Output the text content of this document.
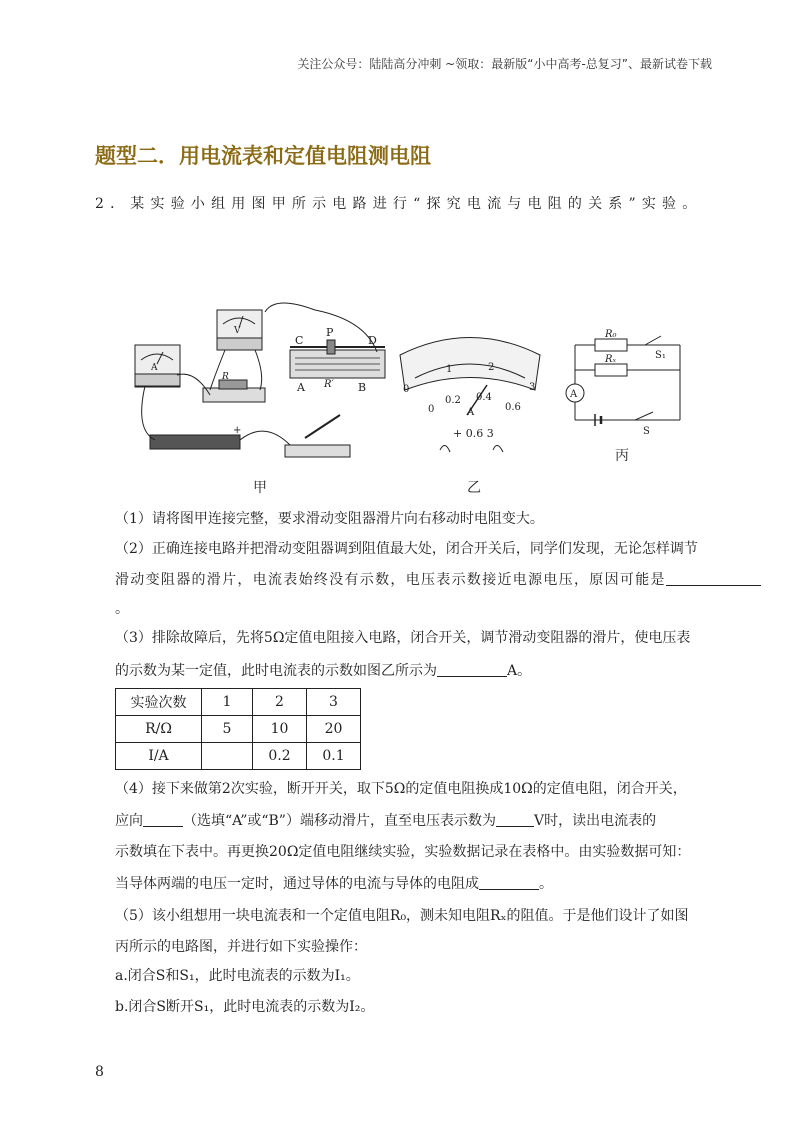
关注公众号：陆陆高分冲刺 ~领取：最新版“小中高考-总复习”、最新试卷下载
题型二．用电流表和定值电阻测电阻
2．某实验小组用图甲所示电路进行“探究电流与电阻的关系”实验。
A
V
R
C
P
D
A R′ B
+
甲
0
1	2
3
0
0.2 0.4
0.6
A
+ 0.6 3
乙
A
R₀
Rₓ	S₁
S
丙
（1）请将图甲连接完整，要求滑动变阻器滑片向右移动时电阻变大。
（2）正确连接电路并把滑动变阻器调到阻值最大处，闭合开关后，同学们发现，无论怎样调节
滑动变阻器的滑片，电流表始终没有示数，电压表示数接近电源电压，原因可能是
。
（3）排除故障后，先将5Ω定值电阻接入电路，闭合开关，调节滑动变阻器的滑片，使电压表
的示数为某一定值，此时电流表的示数如图乙所示为	A。
实验次数	1	2	3
R/Ω	5	10	20
I/A		0.2	0.1
（4）接下来做第2次实验，断开开关，取下5Ω的定值电阻换成10Ω的定值电阻，闭合开关，
应向	（选填“A”或“B”）端移动滑片，直至电压表示数为	V时，读出电流表的
示数填在下表中。再更换20Ω定值电阻继续实验，实验数据记录在表格中。由实验数据可知：
当导体两端的电压一定时，通过导体的电流与导体的电阻成	。
（5）该小组想用一块电流表和一个定值电阻R₀，测未知电阻Rₓ的阻值。于是他们设计了如图
丙所示的电路图，并进行如下实验操作：
a.闭合S和S₁，此时电流表的示数为I₁。
b.闭合S断开S₁，此时电流表的示数为I₂。
8
